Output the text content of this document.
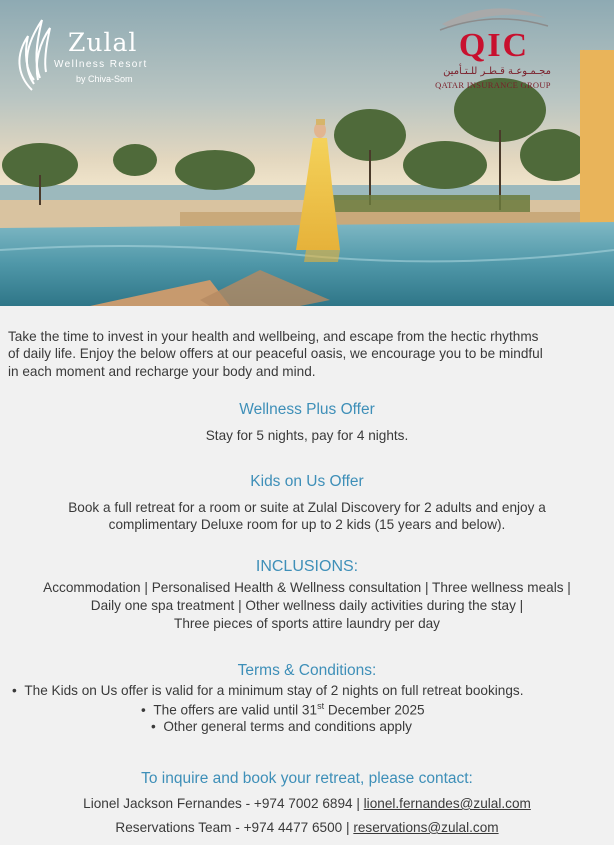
Zulal
Wellness Resort
by Chiva-Som
QIC
مجـمـوعـة قـطـر للـتـأمين
QATAR INSURANCE GROUP
Take the time to invest in your health and wellbeing, and escape from the hectic rhythms
of daily life. Enjoy the below offers at our peaceful oasis, we encourage you to be mindful
in each moment and recharge your body and mind.
Wellness Plus Offer
Stay for 5 nights, pay for 4 nights.
Kids on Us Offer
Book a full retreat for a room or suite at Zulal Discovery for 2 adults and enjoy a
complimentary Deluxe room for up to 2 kids (15 years and below).
INCLUSIONS:
Accommodation | Personalised Health & Wellness consultation | Three wellness meals |
Daily one spa treatment | Other wellness daily activities during the stay |
Three pieces of sports attire laundry per day
Terms & Conditions:
• The Kids on Us offer is valid for a minimum stay of 2 nights on full retreat bookings.
• The offers are valid until 31st December 2025
• Other general terms and conditions apply
To inquire and book your retreat, please contact:
Lionel Jackson Fernandes - +974 7002 6894 | lionel.fernandes@zulal.com
Reservations Team - +974 4477 6500 | reservations@zulal.com
